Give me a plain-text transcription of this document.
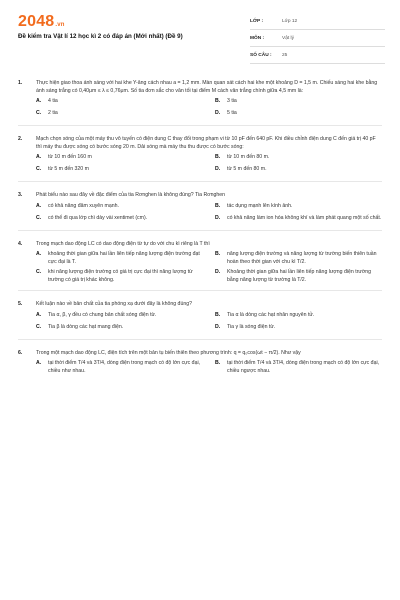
2048.vn
Đề kiểm tra Vật lí 12 học kì 2 có đáp án (Mới nhất) (Đề 9)
LỚP :	Lớp 12
MÔN :	Vật lý
SỐ CÂU :	25
1.	Thực hiện giao thoa ánh sáng với hai khe Y-âng cách nhau a = 1,2 mm. Màn quan sát cách hai khe một khoảng D = 1,5 m. Chiếu sáng hai khe bằng ánh sáng trắng có 0,40μm ≤ λ ≤ 0,76μm. Số tia đơn sắc cho vân tối tại điểm M cách vân trắng chính giữa 4,5 mm là:
A.	4 tia	B.	3 tia
C.	2 tia	D.	5 tia
2.	Mạch chọn sóng của một máy thu vô tuyến có điện dung C thay đổi trong phạm vi từ 10 pF đến 640 pF. Khi điều chỉnh điện dung C đến giá trị 40 pF thì máy thu được sóng có bước sóng 20 m. Dải sóng mà máy thu thu được có bước sóng:
A.	từ 10 m đến 160 m	B.	từ 10 m đến 80 m.
C.	từ 5 m đến 320 m	D.	từ 5 m đến 80 m.
3.	Phát biểu nào sau đây về đặc điểm của tia Rơnghen là không đúng? Tia Rơnghen
A.	có khả năng đâm xuyên mạnh.	B.	tác dụng mạnh lên kính ảnh.
C.	có thể đi qua lớp chì dày vài xentimet (cm).	D.	có khả năng làm ion hóa không khí và làm phát quang một số chất.
4.	Trong mạch dao động LC có dao động điện từ tự do với chu kì riêng là T thì
A.	khoảng thời gian giữa hai lần liên tiếp năng lượng điện trường đạt cực đại là T.
B.	năng lượng điện trường và năng lượng từ trường biến thiên tuần hoàn theo thời gian với chu kì T/2.
C.	khi năng lượng điện trường có giá trị cực đại thì năng lượng từ trường có giá trị khác không.
D.	Khoảng thời gian giữa hai lần liên tiếp năng lượng điện trường bằng năng lượng từ trường là T/2.
5.	Kết luận nào về bản chất của tia phóng xạ dưới đây là không đúng?
A.	Tia α, β, γ đều có chung bản chất sóng điện từ.	B.	Tia α là dòng các hạt nhân nguyên tử.
C.	Tia β là dòng các hạt mang điện.	D.	Tia γ là sóng điện từ.
6.	Trong một mạch dao động LC, điện tích trên một bản tụ biến thiên theo phương trình: q = q₀cos(ωt − π/2). Như vậy
A.	tại thời điểm T/4 và 3T/4, dòng điện trong mạch có độ lớn cực đại, chiều như nhau.
B.	tại thời điểm T/4 và 3T/4, dòng điện trong mạch có độ lớn cực đại, chiều ngược nhau.
